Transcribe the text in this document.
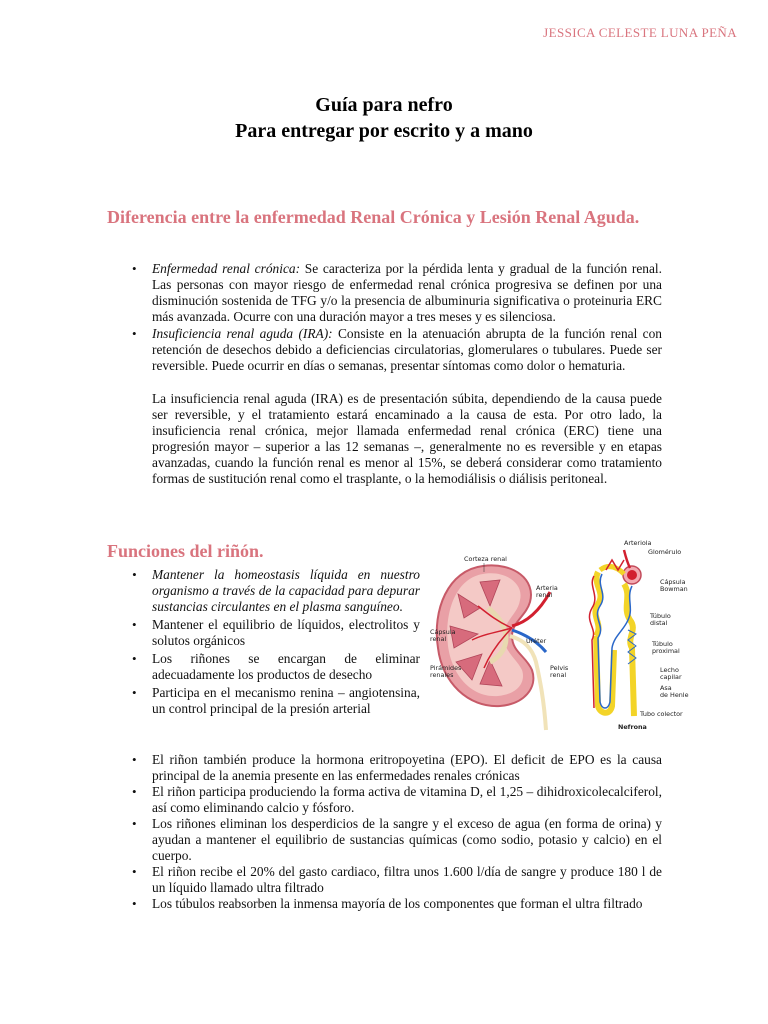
JESSICA CELESTE LUNA PEÑA
Guía para nefro
Para entregar por escrito y a mano
Diferencia entre la enfermedad Renal Crónica y Lesión Renal Aguda.
• Enfermedad renal crónica: Se caracteriza por la pérdida lenta y gradual de la función renal. Las personas con mayor riesgo de enfermedad renal crónica progresiva se definen por una disminución sostenida de TFG y/o la presencia de albuminuria significativa o proteinuria ERC más avanzada. Ocurre con una duración mayor a tres meses y es silenciosa.
• Insuficiencia renal aguda (IRA): Consiste en la atenuación abrupta de la función renal con retención de desechos debido a deficiencias circulatorias, glomerulares o tubulares. Puede ser reversible. Puede ocurrir en días o semanas, presentar síntomas como dolor o hematuria.

La insuficiencia renal aguda (IRA) es de presentación súbita, dependiendo de la causa puede ser reversible, y el tratamiento estará encaminado a la causa de esta. Por otro lado, la insuficiencia renal crónica, mejor llamada enfermedad renal crónica (ERC) tiene una progresión mayor – superior a las 12 semanas –, generalmente no es reversible y en etapas avanzadas, cuando la función renal es menor al 15%, se deberá considerar como tratamiento formas de sustitución renal como el trasplante, o la hemodiálisis o diálisis peritoneal.

Funciones del riñón.
• Mantener la homeostasis líquida en nuestro organismo a través de la capacidad para depurar sustancias circulantes en el plasma sanguíneo.
• Mantener el equilibrio de líquidos, electrolitos y solutos orgánicos
• Los riñones se encargan de eliminar adecuadamente los productos de desecho
• Participa en el mecanismo renina – angiotensina, un control principal de la presión arterial
• El riñon también produce la hormona eritropoyetina (EPO). El deficit de EPO es la causa principal de la anemia presente en las enfermedades renales crónicas
• El riñon participa produciendo la forma activa de vitamina D, el 1,25 – dihidroxicolecalciferol, así como eliminando calcio y fósforo.
• Los riñones eliminan los desperdicios de la sangre y el exceso de agua (en forma de orina) y ayudan a mantener el equilibrio de sustancias químicas (como sodio, potasio y calcio) en el cuerpo.
• El riñon recibe el 20% del gasto cardiaco, filtra unos 1.600 l/día de sangre y produce 180 l de un líquido llamado ultra filtrado
• Los túbulos reabsorben la inmensa mayoría de los componentes que forman el ultra filtrado
Corteza renal
Arteria
renal
Cápsula
renal	Uréter
Pirámides
renales
Pelvis
renal
Arteriola
Glomérulo
Cápsula
Bowman
Túbulo
distal
Túbulo
proximal
Lecho
capilar
Asa
de Henle
Tubo colector
Nefrona
